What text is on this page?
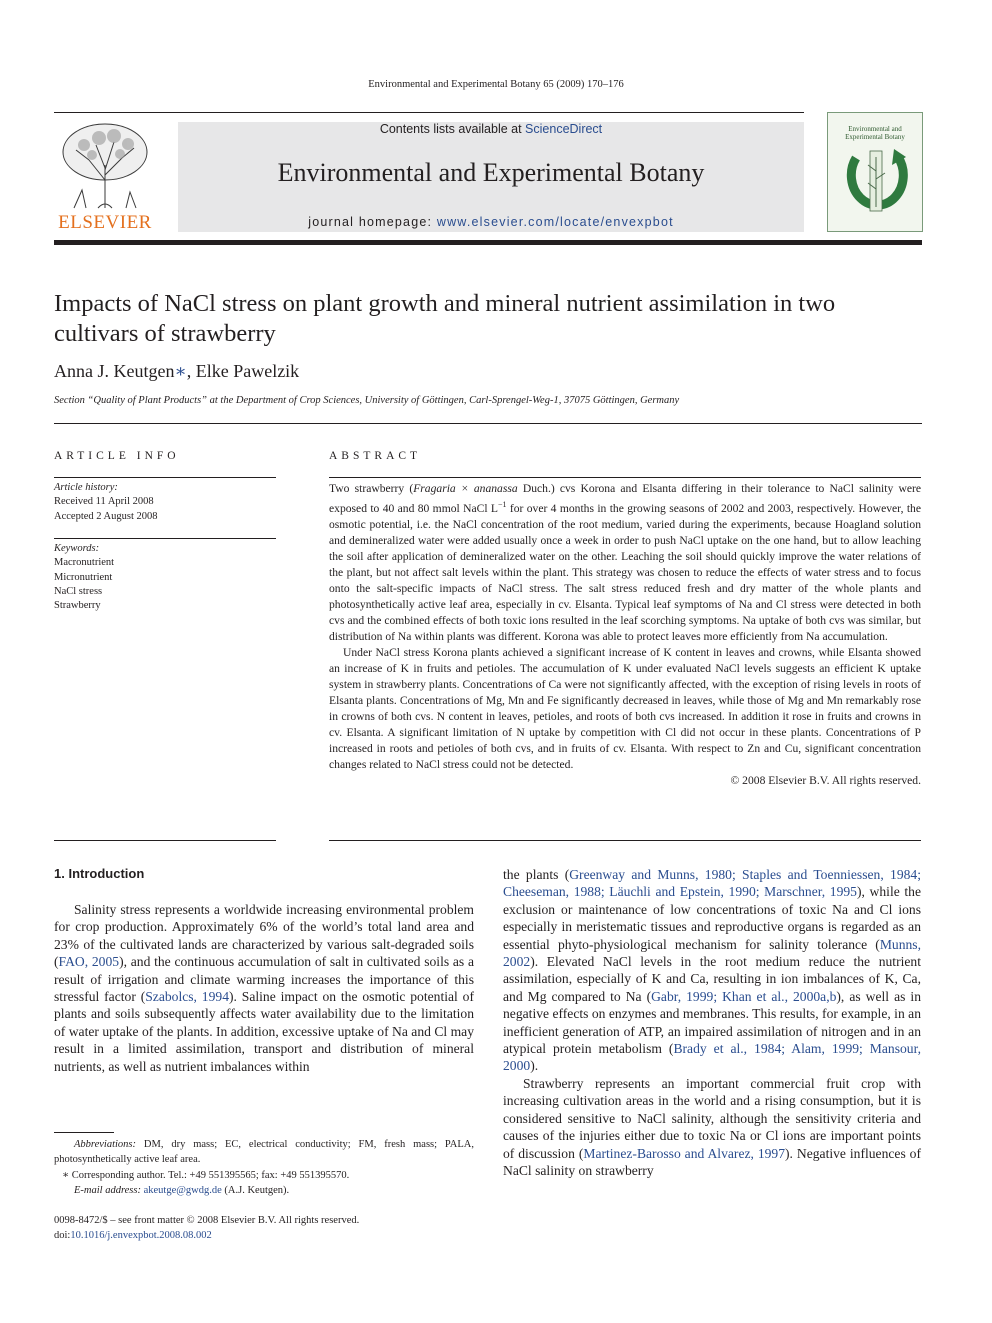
Environmental and Experimental Botany 65 (2009) 170–176
ELSEVIER
Contents lists available at ScienceDirect
Environmental and Experimental Botany
journal homepage: www.elsevier.com/locate/envexpbot
Environmental and
Experimental Botany
Impacts of NaCl stress on plant growth and mineral nutrient assimilation in two cultivars of strawberry
Anna J. Keutgen∗, Elke Pawelzik
Section “Quality of Plant Products” at the Department of Crop Sciences, University of Göttingen, Carl-Sprengel-Weg-1, 37075 Göttingen, Germany
ARTICLE INFO
Article history:
Received 11 April 2008
Accepted 2 August 2008
Keywords:
Macronutrient
Micronutrient
NaCl stress
Strawberry
ABSTRACT

Two strawberry (Fragaria × ananassa Duch.) cvs Korona and Elsanta differing in their tolerance to NaCl salinity were exposed to 40 and 80 mmol NaCl $L^{-1}$ for over 4 months in the growing seasons of 2002 and 2003, respectively. However, the osmotic potential, i.e. the NaCl concentration of the root medium, varied during the experiments, because Hoagland solution and demineralized water were added usually once a week in order to push NaCl uptake on the one hand, but to allow leaching the soil after application of demineralized water on the other. Leaching the soil should quickly improve the water relations of the plant, but not affect salt levels within the plant. This strategy was chosen to reduce the effects of water stress and to focus onto the salt-specific impacts of NaCl stress. The salt stress reduced fresh and dry matter of the whole plants and photosynthetically active leaf area, especially in cv. Elsanta. Typical leaf symptoms of Na and Cl stress were detected in both cvs and the combined effects of both toxic ions resulted in the leaf scorching symptoms. Na uptake of both cvs was similar, but distribution of Na within plants was different. Korona was able to protect leaves more efficiently from Na accumulation.

Under NaCl stress Korona plants achieved a significant increase of K content in leaves and crowns, while Elsanta showed an increase of K in fruits and petioles. The accumulation of K under evaluated NaCl levels suggests an efficient K uptake system in strawberry plants. Concentrations of Ca were not significantly affected, with the exception of rising levels in roots of Elsanta plants. Concentrations of Mg, Mn and Fe significantly decreased in leaves, while those of Mg and Mn remarkably rose in crowns of both cvs. N content in leaves, petioles, and roots of both cvs increased. In addition it rose in fruits and crowns in cv. Elsanta. A significant limitation of N uptake by competition with Cl did not occur in these plants. Concentrations of P increased in roots and petioles of both cvs, and in fruits of cv. Elsanta. With respect to Zn and Cu, significant concentration changes related to NaCl stress could not be detected.

© 2008 Elsevier B.V. All rights reserved.
1. Introduction

Salinity stress represents a worldwide increasing environmental problem for crop production. Approximately 6% of the world’s total land area and 23% of the cultivated lands are characterized by various salt-degraded soils (FAO, 2005), and the continuous accumulation of salt in cultivated soils as a result of irrigation and climate warming increases the importance of this stressful factor (Szabolcs, 1994). Saline impact on the osmotic potential of plants and soils subsequently affects water availability due to the limitation of water uptake of the plants. In addition, excessive uptake of Na and Cl may result in a limited assimilation, transport and distribution of mineral nutrients, as well as nutrient imbalances within

Abbreviations: DM, dry mass; EC, electrical conductivity; FM, fresh mass; PALA, photosynthetically active leaf area.
∗ Corresponding author. Tel.: +49 551395565; fax: +49 551395570.
E-mail address: akeutge@gwdg.de (A.J. Keutgen).
0098-8472/$ – see front matter © 2008 Elsevier B.V. All rights reserved.
doi:10.1016/j.envexpbot.2008.08.002

the plants (Greenway and Munns, 1980; Staples and Toenniessen, 1984; Cheeseman, 1988; Läuchli and Epstein, 1990; Marschner, 1995), while the exclusion or maintenance of low concentrations of toxic Na and Cl ions especially in meristematic tissues and reproductive organs is regarded as an essential phyto-physiological mechanism for salinity tolerance (Munns, 2002). Elevated NaCl levels in the root medium reduce the nutrient assimilation, especially of K and Ca, resulting in ion imbalances of K, Ca, and Mg compared to Na (Gabr, 1999; Khan et al., 2000a,b), as well as in negative effects on enzymes and membranes. This results, for example, in an inefficient generation of ATP, an impaired assimilation of nitrogen and in an atypical protein metabolism (Brady et al., 1984; Alam, 1999; Mansour, 2000).

Strawberry represents an important commercial fruit crop with increasing cultivation areas in the world and a rising consumption, but it is considered sensitive to NaCl salinity, although the sensitivity criteria and causes of the injuries either due to toxic Na or Cl ions are important points of discussion (Martinez-Barosso and Alvarez, 1997). Negative influences of NaCl salinity on strawberry
